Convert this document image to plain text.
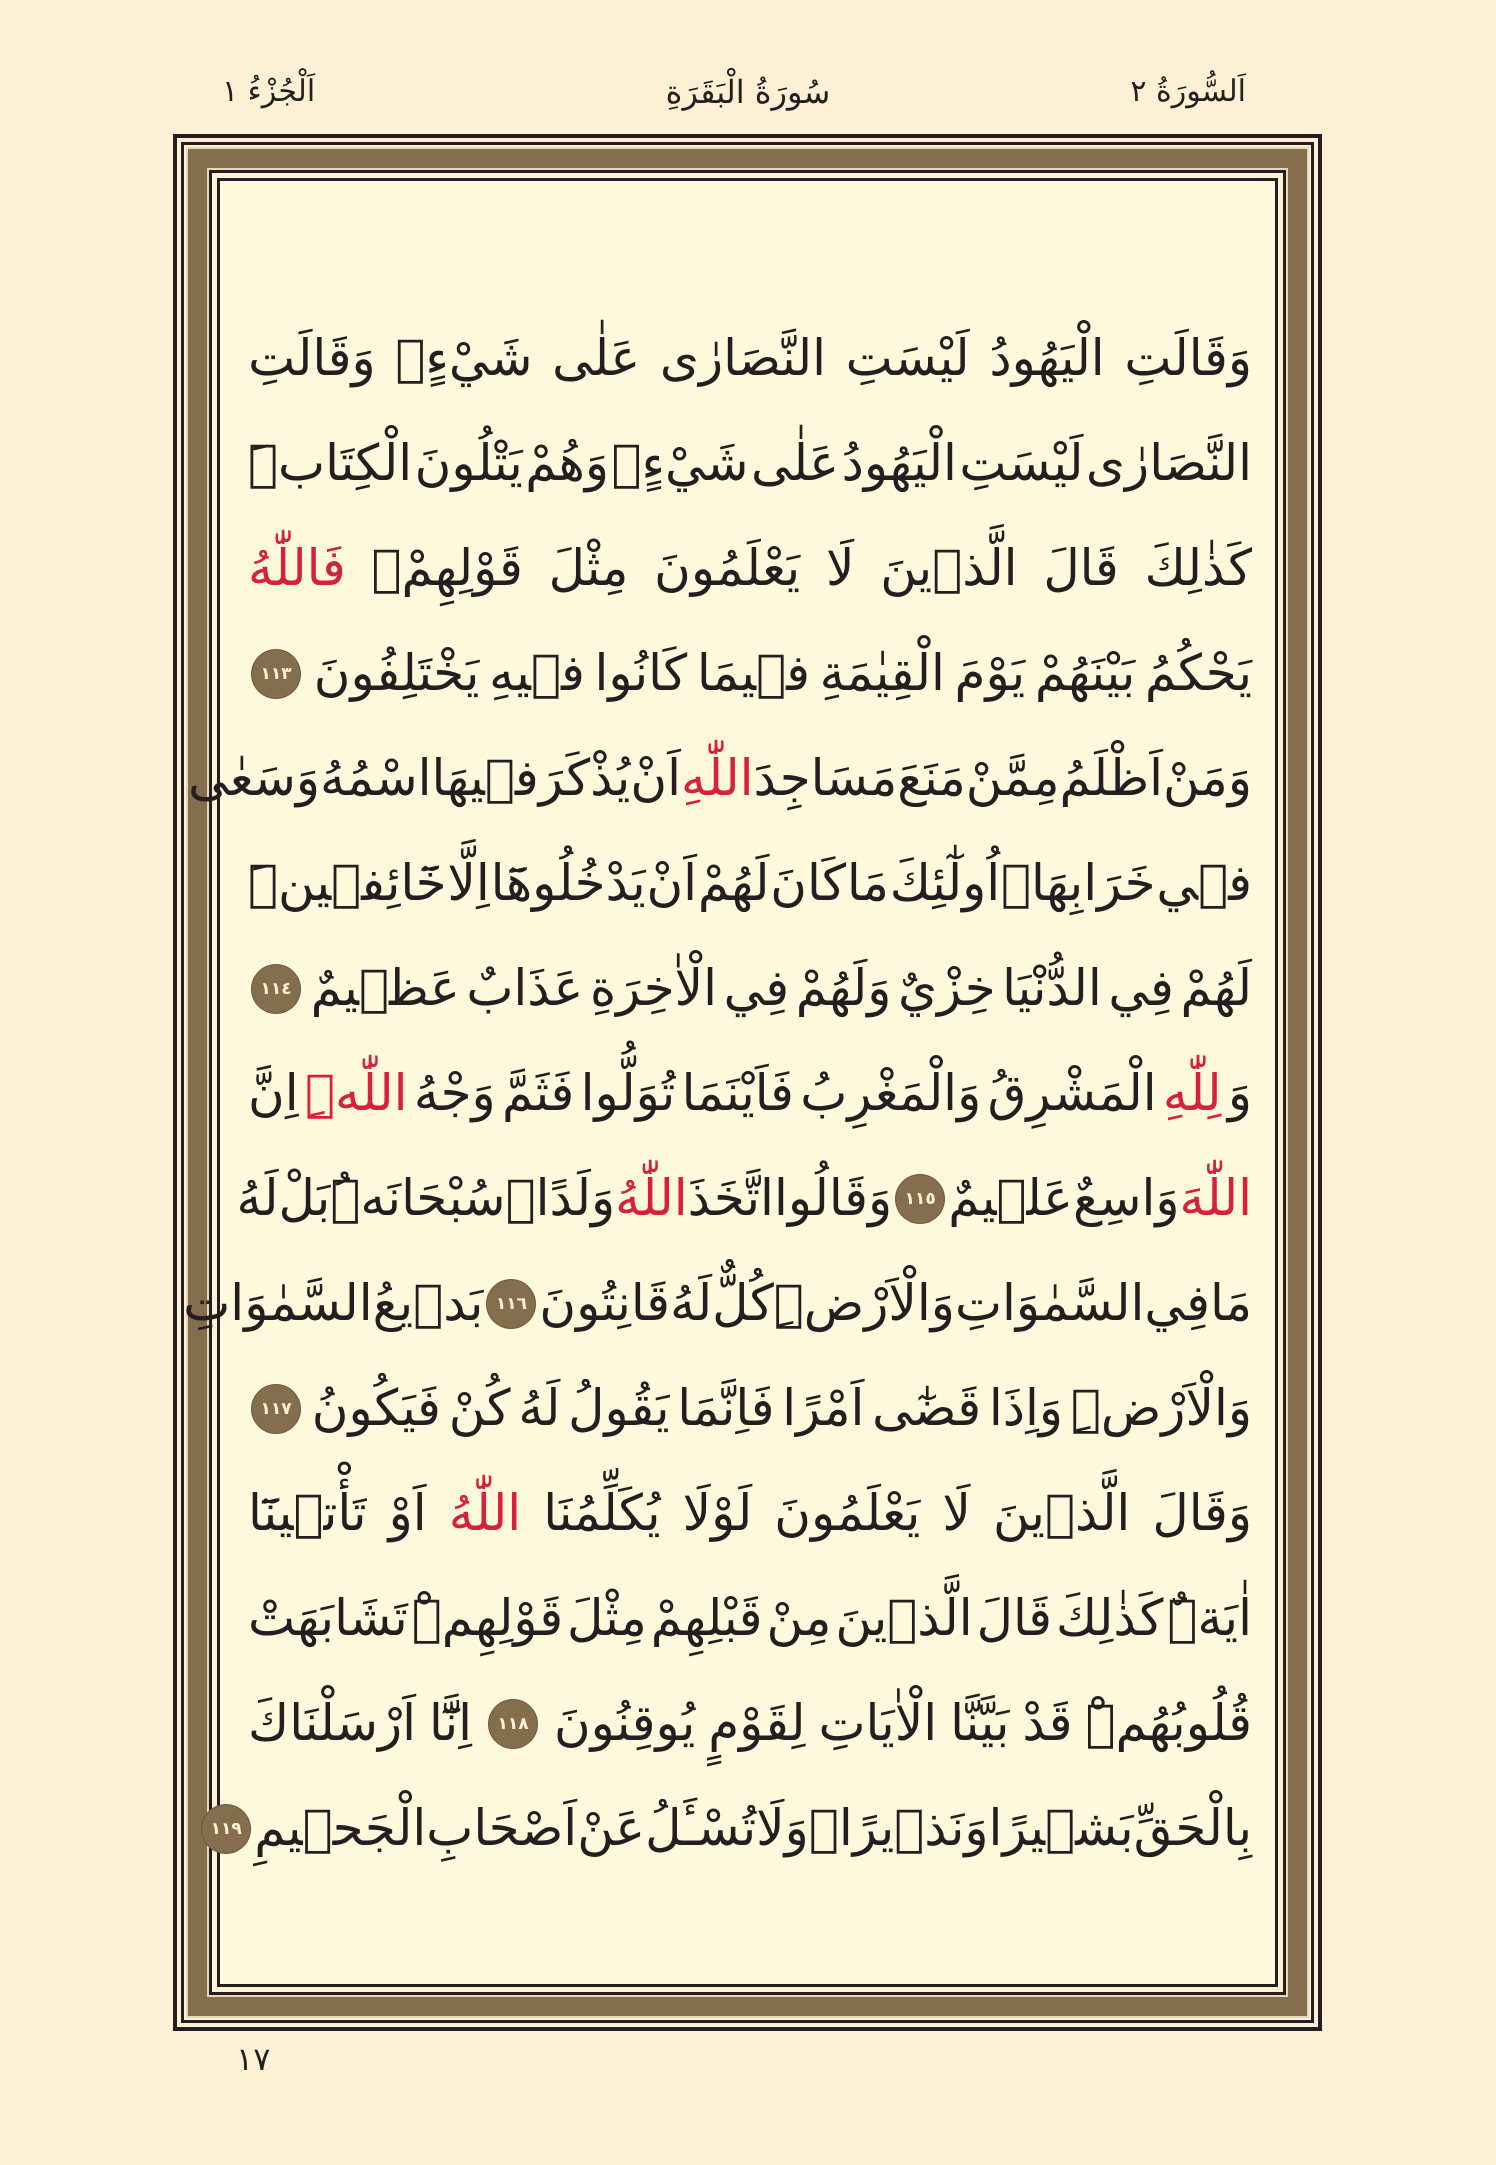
اَلْجُزْءُ ١	سُورَةُ الْبَقَرَةِ	اَلسُّورَةُ ٢
وَقَالَتِ
الْيَهُودُ
لَيْسَتِ
النَّصَارٰى
عَلٰى
شَيْءٍۖ
وَقَالَتِ
النَّصَارٰى
لَيْسَتِ
الْيَهُودُ
عَلٰى
شَيْءٍۙ
وَهُمْ
يَتْلُونَ
الْكِتَابَۜ
كَذٰلِكَ
قَالَ
الَّذ۪ينَ
لَا
يَعْلَمُونَ
مِثْلَ
قَوْلِهِمْۚ
فَاللّٰهُ
يَحْكُمُ
بَيْنَهُمْ
يَوْمَ
الْقِيٰمَةِ
ف۪يمَا
كَانُوا
ف۪يهِ
يَخْتَلِفُونَ
١١٣
وَمَنْ
اَظْلَمُ
مِمَّنْ
مَنَعَ
مَسَاجِدَ
اللّٰهِ
اَنْ
يُذْكَرَ
ف۪يهَا
اسْمُهُ
وَسَعٰى
ف۪ي
خَرَابِهَاۜ
اُولٰٓئِكَ
مَا
كَانَ
لَهُمْ
اَنْ
يَدْخُلُوهَٓا
اِلَّا
خَٓائِف۪ينَۜ
لَهُمْ
فِي
الدُّنْيَا
خِزْيٌ
وَلَهُمْ
فِي
الْاٰخِرَةِ
عَذَابٌ
عَظ۪يمٌ
١١٤
وَ
لِلّٰهِ
الْمَشْرِقُ
وَالْمَغْرِبُ
فَاَيْنَمَا
تُوَلُّوا
فَثَمَّ
وَجْهُ
اللّٰهِۜ
اِنَّ
اللّٰهَ
وَاسِعٌ
عَل۪يمٌ
١١٥
وَقَالُوا
اتَّخَذَ
اللّٰهُ
وَلَدًاۙ
سُبْحَانَهُۜ
بَلْ
لَهُ
مَا
فِي
السَّمٰوَاتِ
وَالْاَرْضِۜ
كُلٌّ
لَهُ
قَانِتُونَ
١١٦
بَد۪يعُ
السَّمٰوَاتِ
وَالْاَرْضِۜ
وَاِذَا
قَضٰٓى
اَمْرًا
فَاِنَّمَا
يَقُولُ
لَهُ
كُنْ
فَيَكُونُ
١١٧
وَقَالَ
الَّذ۪ينَ
لَا
يَعْلَمُونَ
لَوْلَا
يُكَلِّمُنَا
اللّٰهُ
اَوْ
تَأْت۪ينَٓا
اٰيَةٌۜ
كَذٰلِكَ
قَالَ
الَّذ۪ينَ
مِنْ
قَبْلِهِمْ
مِثْلَ
قَوْلِهِمْۜ
تَشَابَهَتْ
قُلُوبُهُمْۜ
قَدْ
بَيَّنَّا
الْاٰيَاتِ
لِقَوْمٍ
يُوقِنُونَ
١١٨
اِنَّٓا
اَرْسَلْنَاكَ
بِالْحَقِّ
بَش۪يرًا
وَنَذ۪يرًاۙ
وَلَا
تُسْـَٔلُ
عَنْ
اَصْحَابِ
الْجَح۪يمِ
١١٩
١٧
